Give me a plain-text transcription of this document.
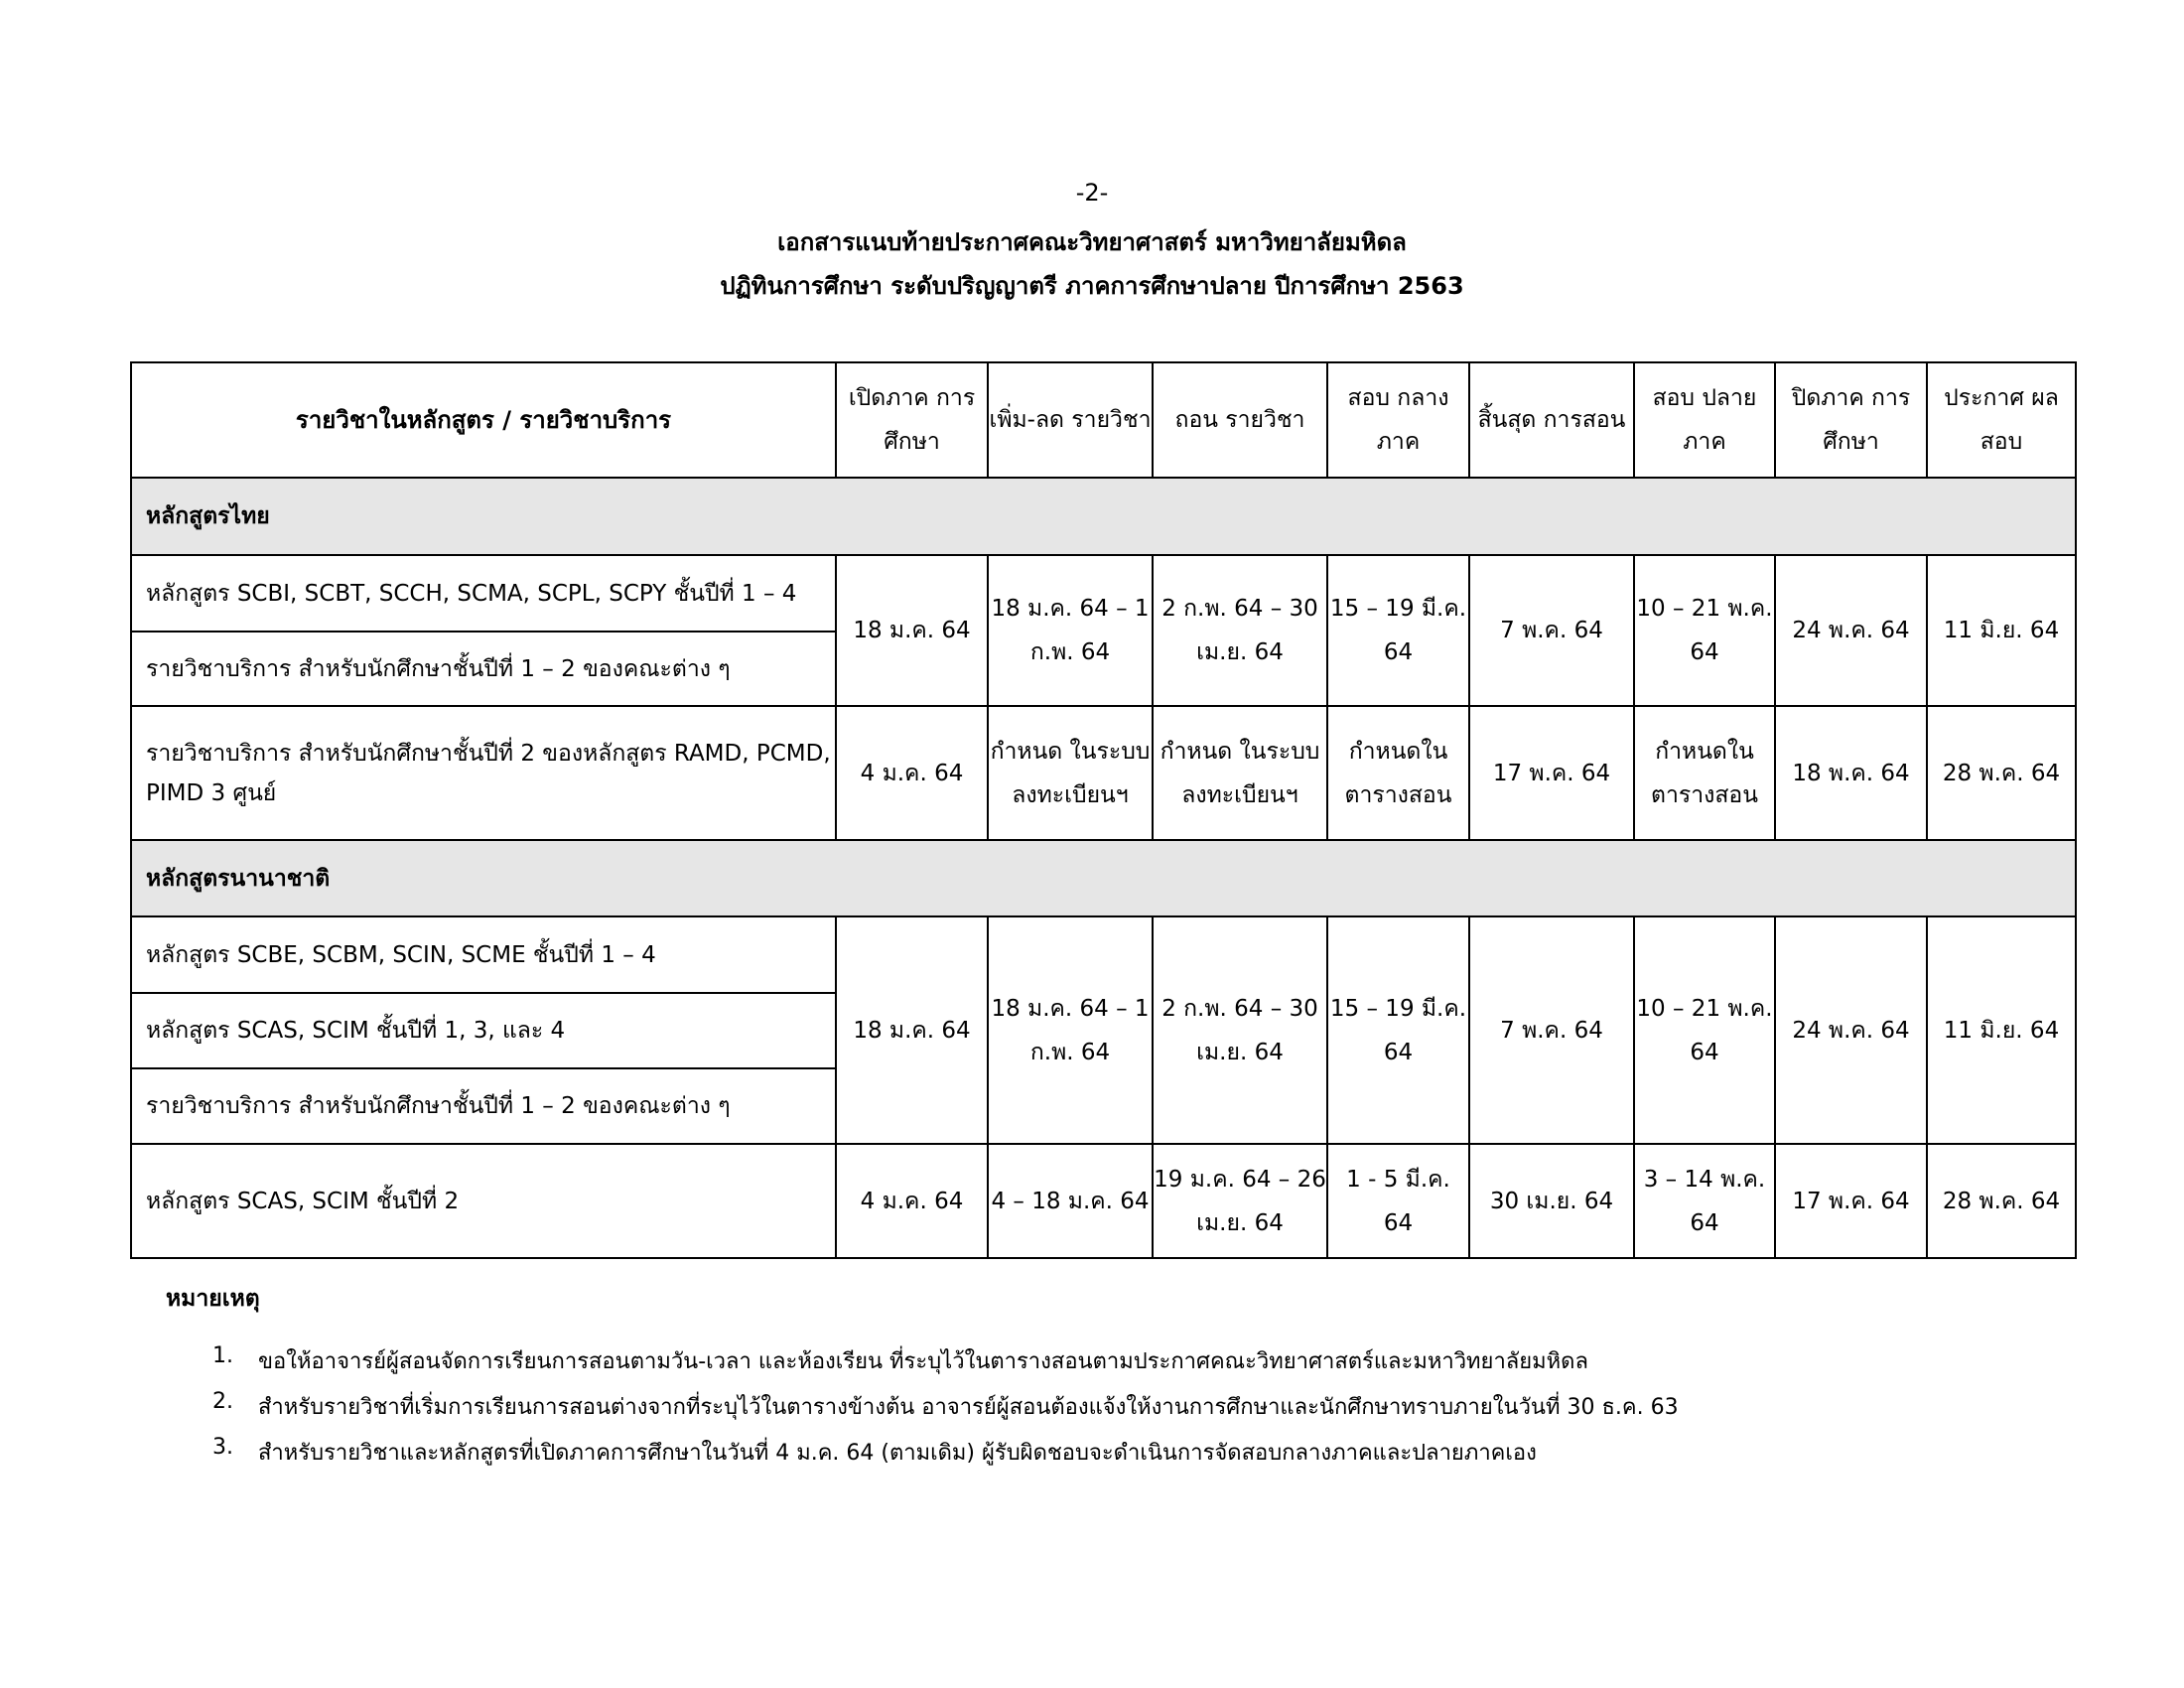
-2-
เอกสารแนบท้ายประกาศคณะวิทยาศาสตร์ มหาวิทยาลัยมหิดล
ปฏิทินการศึกษา ระดับปริญญาตรี ภาคการศึกษาปลาย ปีการศึกษา 2563
รายวิชาในหลักสูตร / รายวิชาบริการ	เปิดภาค การศึกษา	เพิ่ม-ลด รายวิชา	ถอน รายวิชา	สอบ กลางภาค	สิ้นสุด การสอน	สอบ ปลายภาค	ปิดภาค การศึกษา	ประกาศ ผลสอบ
หลักสูตรไทย								
หลักสูตร SCBI, SCBT, SCCH, SCMA, SCPL, SCPY ชั้นปีที่ 1 – 4	18 ม.ค. 64	18 ม.ค. 64 – 1 ก.พ. 64	2 ก.พ. 64 – 30 เม.ย. 64	15 – 19 มี.ค. 64	7 พ.ค. 64	10 – 21 พ.ค. 64	24 พ.ค. 64	11 มิ.ย. 64
รายวิชาบริการ สำหรับนักศึกษาชั้นปีที่ 1 – 2 ของคณะต่าง ๆ								
รายวิชาบริการ สำหรับนักศึกษาชั้นปีที่ 2 ของหลักสูตร RAMD, PCMD, PIMD 3 ศูนย์	4 ม.ค. 64	กำหนด ในระบบ ลงทะเบียนฯ	กำหนด ในระบบ ลงทะเบียนฯ	กำหนดใน ตารางสอน	17 พ.ค. 64	กำหนดใน ตารางสอน	18 พ.ค. 64	28 พ.ค. 64
หลักสูตรนานาชาติ								
หลักสูตร SCBE, SCBM, SCIN, SCME ชั้นปีที่ 1 – 4	18 ม.ค. 64	18 ม.ค. 64 – 1 ก.พ. 64	2 ก.พ. 64 – 30 เม.ย. 64	15 – 19 มี.ค. 64	7 พ.ค. 64	10 – 21 พ.ค. 64	24 พ.ค. 64	11 มิ.ย. 64
หลักสูตร SCAS, SCIM ชั้นปีที่ 1, 3, และ 4								
รายวิชาบริการ สำหรับนักศึกษาชั้นปีที่ 1 – 2 ของคณะต่าง ๆ								
หลักสูตร SCAS, SCIM ชั้นปีที่ 2	4 ม.ค. 64	4 – 18 ม.ค. 64	19 ม.ค. 64 – 26 เม.ย. 64	1 - 5 มี.ค. 64	30 เม.ย. 64	3 – 14 พ.ค. 64	17 พ.ค. 64	28 พ.ค. 64
หมายเหตุ
1. ขอให้อาจารย์ผู้สอนจัดการเรียนการสอนตามวัน-เวลา และห้องเรียน ที่ระบุไว้ในตารางสอนตามประกาศคณะวิทยาศาสตร์และมหาวิทยาลัยมหิดล
2. สำหรับรายวิชาที่เริ่มการเรียนการสอนต่างจากที่ระบุไว้ในตารางข้างต้น อาจารย์ผู้สอนต้องแจ้งให้งานการศึกษาและนักศึกษาทราบภายในวันที่ 30 ธ.ค. 63
3. สำหรับรายวิชาและหลักสูตรที่เปิดภาคการศึกษาในวันที่ 4 ม.ค. 64 (ตามเดิม) ผู้รับผิดชอบจะดำเนินการจัดสอบกลางภาคและปลายภาคเอง
